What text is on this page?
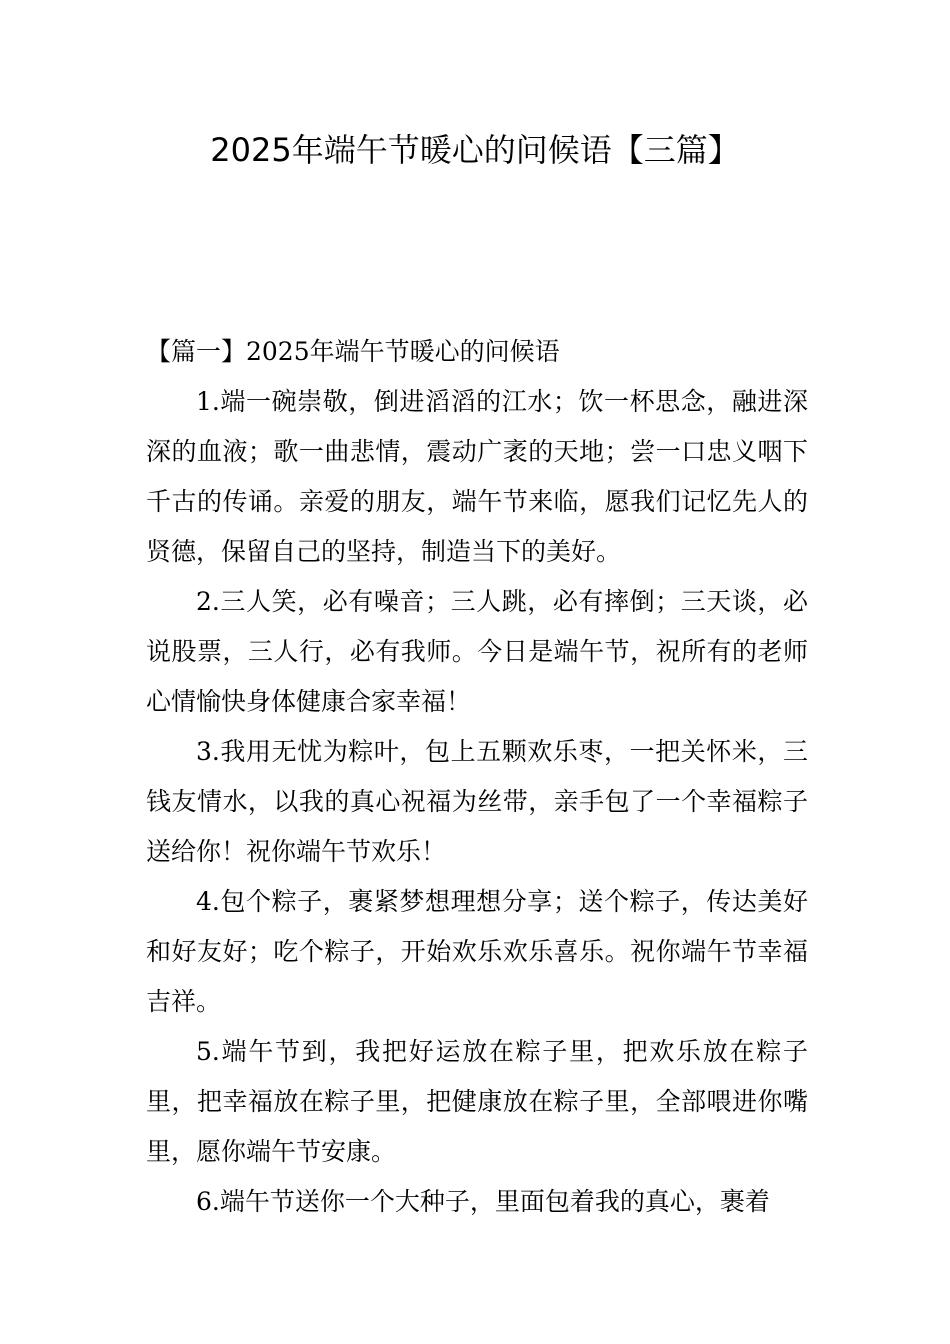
2025年端午节暖心的问候语【三篇】

【篇一】2025年端午节暖心的问候语

1.端一碗崇敬，倒进滔滔的江水；饮一杯思念，融进深深的血液；歌一曲悲情，震动广袤的天地；尝一口忠义咽下千古的传诵。亲爱的朋友，端午节来临，愿我们记忆先人的贤德，保留自己的坚持，制造当下的美好。

2.三人笑，必有噪音；三人跳，必有摔倒；三天谈，必说股票，三人行，必有我师。今日是端午节，祝所有的老师心情愉快身体健康合家幸福！

3.我用无忧为粽叶，包上五颗欢乐枣，一把关怀米，三钱友情水，以我的真心祝福为丝带，亲手包了一个幸福粽子送给你！祝你端午节欢乐！

4.包个粽子，裹紧梦想理想分享；送个粽子，传达美好和好友好；吃个粽子，开始欢乐欢乐喜乐。祝你端午节幸福吉祥。

5.端午节到，我把好运放在粽子里，把欢乐放在粽子里，把幸福放在粽子里，把健康放在粽子里，全部喂进你嘴里，愿你端午节安康。

6.端午节送你一个大种子，里面包着我的真心，裹着
